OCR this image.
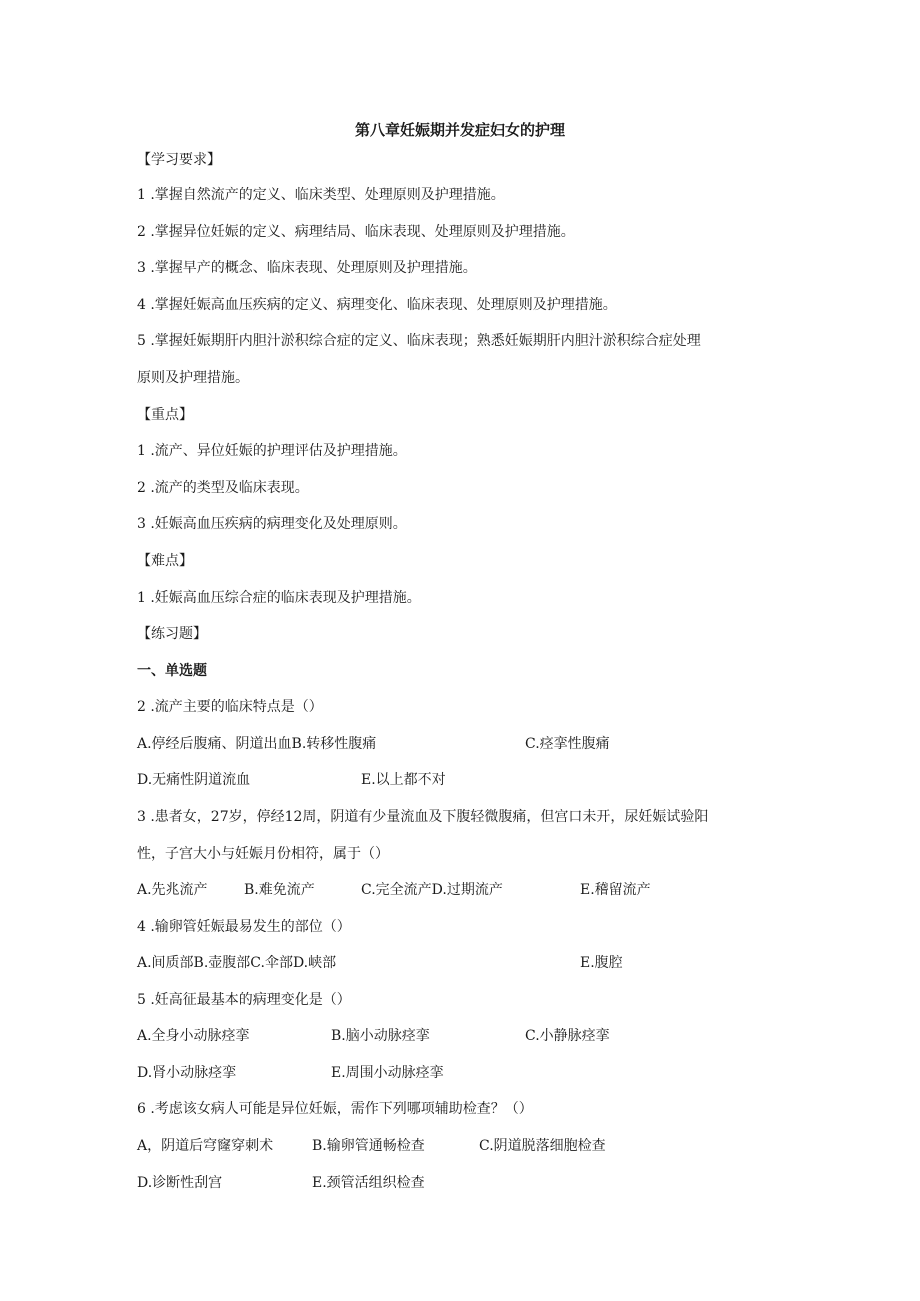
第八章妊娠期并发症妇女的护理
【学习要求】
1 .掌握自然流产的定义、临床类型、处理原则及护理措施。
2 .掌握异位妊娠的定义、病理结局、临床表现、处理原则及护理措施。
3 .掌握早产的概念、临床表现、处理原则及护理措施。
4 .掌握妊娠高血压疾病的定义、病理变化、临床表现、处理原则及护理措施。
5 .掌握妊娠期肝内胆汁淤积综合症的定义、临床表现；熟悉妊娠期肝内胆汁淤积综合症处理
原则及护理措施。
【重点】
1 .流产、异位妊娠的护理评估及护理措施。
2 .流产的类型及临床表现。
3 .妊娠高血压疾病的病理变化及处理原则。
【难点】
1 .妊娠高血压综合症的临床表现及护理措施。
【练习题】
一、单选题
2 .流产主要的临床特点是（）
A.停经后腹痛、阴道出血B.转移性腹痛	C.痉挛性腹痛
D.无痛性阴道流血	E.以上都不对
3 .患者女，27岁，停经12周，阴道有少量流血及下腹轻微腹痛，但宫口未开，尿妊娠试验阳
性，子宫大小与妊娠月份相符，属于（）
A.先兆流产	B.难免流产	C.完全流产D.过期流产	E.稽留流产
4 .输卵管妊娠最易发生的部位（）
A.间质部B.壶腹部C.伞部D.峡部	E.腹腔
5 .妊高征最基本的病理变化是（）
A.全身小动脉痉挛	B.脑小动脉痉挛	C.小静脉痉挛
D.肾小动脉痉挛	E.周围小动脉痉挛
6 .考虑该女病人可能是异位妊娠，需作下列哪项辅助检查？（）
A，阴道后穹窿穿刺术	B.输卵管通畅检查	C.阴道脱落细胞检查
D.诊断性刮宫	E.颈管活组织检查
